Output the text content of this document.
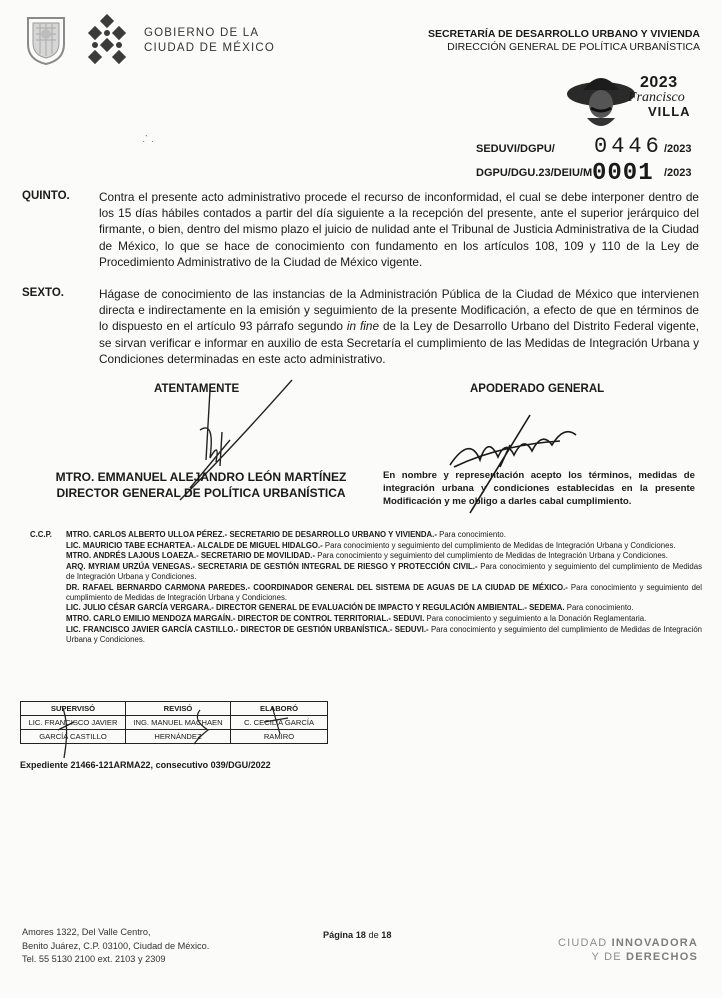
GOBIERNO DE LA
CIUDAD DE MÉXICO
SECRETARÍA DE DESARROLLO URBANO Y VIVIENDA
DIRECCIÓN GENERAL DE POLÍTICA URBANÍSTICA
2023
Francisco
VILLA
· ̀ ·
SEDUVI/DGPU/ 0446 /2023
DGPU/DGU.23/DEIU/M 0001 /2023
QUINTO. Contra el presente acto administrativo procede el recurso de inconformidad, el cual se debe interponer dentro de los 15 días hábiles contados a partir del día siguiente a la recepción del presente, ante el superior jerárquico del firmante, o bien, dentro del mismo plazo el juicio de nulidad ante el Tribunal de Justicia Administrativa de la Ciudad de México, lo que se hace de conocimiento con fundamento en los artículos 108, 109 y 110 de la Ley de Procedimiento Administrativo de la Ciudad de México vigente.
SEXTO.	Hágase de conocimiento de las instancias de la Administración Pública de la Ciudad de México que intervienen directa e indirectamente en la emisión y seguimiento de la presente Modificación, a efecto de que en términos de lo dispuesto en el artículo 93 párrafo segundo in fine de la Ley de Desarrollo Urbano del Distrito Federal vigente, se sirvan verificar e informar en auxilio de esta Secretaría el cumplimiento de las Medidas de Integración Urbana y Condiciones determinadas en este acto administrativo.
ATENTAMENTE	APODERADO GENERAL
MTRO. EMMANUEL ALEJANDRO LEÓN MARTÍNEZ
DIRECTOR GENERAL DE POLÍTICA URBANÍSTICA
En nombre y representación acepto los términos, medidas de integración urbana y condiciones establecidas en la presente Modificación y me obligo a darles cabal cumplimiento.
C.C.P. MTRO. CARLOS ALBERTO ULLOA PÉREZ.- SECRETARIO DE DESARROLLO URBANO Y VIVIENDA.- Para conocimiento.

LIC. MAURICIO TABE ECHARTEA.- ALCALDE DE MIGUEL HIDALGO.- Para conocimiento y seguimiento del cumplimiento de Medidas de Integración Urbana y Condiciones.

MTRO. ANDRÉS LAJOUS LOAEZA.- SECRETARIO DE MOVILIDAD.- Para conocimiento y seguimiento del cumplimiento de Medidas de Integración Urbana y Condiciones.

ARQ. MYRIAM URZÚA VENEGAS.- SECRETARIA DE GESTIÓN INTEGRAL DE RIESGO Y PROTECCIÓN CIVIL.- Para conocimiento y seguimiento del cumplimiento de Medidas de Integración Urbana y Condiciones.

DR. RAFAEL BERNARDO CARMONA PAREDES.- COORDINADOR GENERAL DEL SISTEMA DE AGUAS DE LA CIUDAD DE MÉXICO.- Para conocimiento y seguimiento del cumplimiento de Medidas de Integración Urbana y Condiciones.

LIC. JULIO CÉSAR GARCÍA VERGARA.- DIRECTOR GENERAL DE EVALUACIÓN DE IMPACTO Y REGULACIÓN AMBIENTAL.- SEDEMA. Para conocimiento.

MTRO. CARLO EMILIO MENDOZA MARGAÍN.- DIRECTOR DE CONTROL TERRITORIAL.- SEDUVI. Para conocimiento y seguimiento a la Donación Reglamentaria.

LIC. FRANCISCO JAVIER GARCÍA CASTILLO.- DIRECTOR DE GESTIÓN URBANÍSTICA.- SEDUVI.- Para conocimiento y seguimiento del cumplimiento de Medidas de Integración Urbana y Condiciones.

SUPERVISÓ	REVISÓ	ELABORÓ
LIC. FRANCISCO JAVIER	ING. MANUEL MACHAEN	C. CECILIA GARCÍA
GARCÍA CASTILLO	HERNÁNDEZ	RAMIRO
Expediente 21466-121ARMA22, consecutivo 039/DGU/2022
Amores 1322, Del Valle Centro,
Benito Juárez, C.P. 03100, Ciudad de México.
Tel. 55 5130 2100 ext. 2103 y 2309
Página 18 de 18
CIUDAD INNOVADORA
Y DE DERECHOS
